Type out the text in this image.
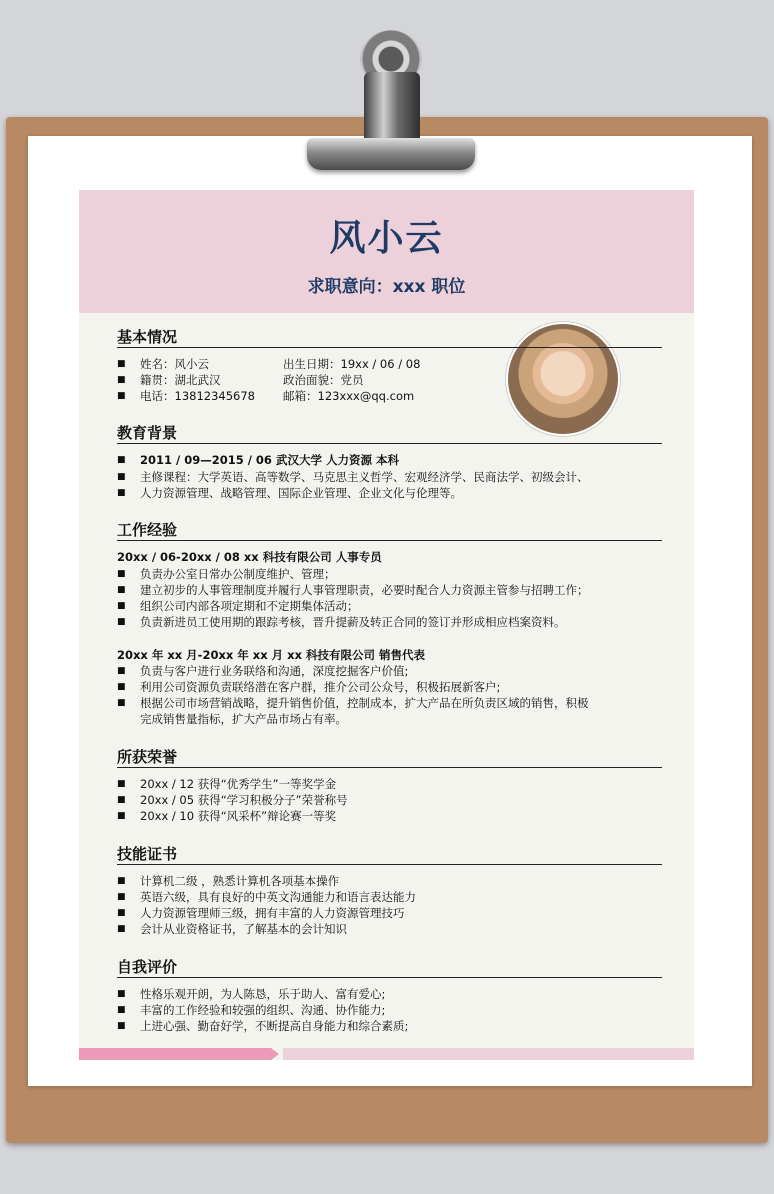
风小云
求职意向：xxx 职位
基本情况
■ 姓名：风小云
■ 籍贯：湖北武汉
■ 电话：13812345678
出生日期：19xx / 06 / 08
政治面貌：党员
邮箱：123xxx@qq.com
教育背景
■ 2011 / 09—2015 / 06 武汉大学 人力资源 本科
■ 主修课程：大学英语、高等数学、马克思主义哲学、宏观经济学、民商法学、初级会计、
■ 人力资源管理、战略管理、国际企业管理、企业文化与伦理等。
工作经验
20xx / 06-20xx / 08 xx 科技有限公司 人事专员
■ 负责办公室日常办公制度维护、管理；
■ 建立初步的人事管理制度并履行人事管理职责，必要时配合人力资源主管参与招聘工作；
■ 组织公司内部各项定期和不定期集体活动；
■ 负责新进员工使用期的跟踪考核，晋升提薪及转正合同的签订并形成相应档案资料。
20xx 年 xx 月-20xx 年 xx 月 xx 科技有限公司 销售代表
■ 负责与客户进行业务联络和沟通，深度挖掘客户价值;
■ 利用公司资源负责联络潜在客户群，推介公司公众号，积极拓展新客户;
■ 根据公司市场营销战略，提升销售价值，控制成本，扩大产品在所负责区域的销售，积极
完成销售量指标，扩大产品市场占有率。
所获荣誉
■ 20xx / 12 获得“优秀学生”一等奖学金
■ 20xx / 05 获得“学习积极分子”荣誉称号
■ 20xx / 10 获得“风采杯”辩论赛一等奖
技能证书
■ 计算机二级 ，熟悉计算机各项基本操作
■ 英语六级，具有良好的中英文沟通能力和语言表达能力
■ 人力资源管理师三级，拥有丰富的人力资源管理技巧
■ 会计从业资格证书，了解基本的会计知识
自我评价
■ 性格乐观开朗，为人陈恳，乐于助人、富有爱心;
■ 丰富的工作经验和较强的组织、沟通、协作能力;
■ 上进心强、勤奋好学，不断提高自身能力和综合素质;
